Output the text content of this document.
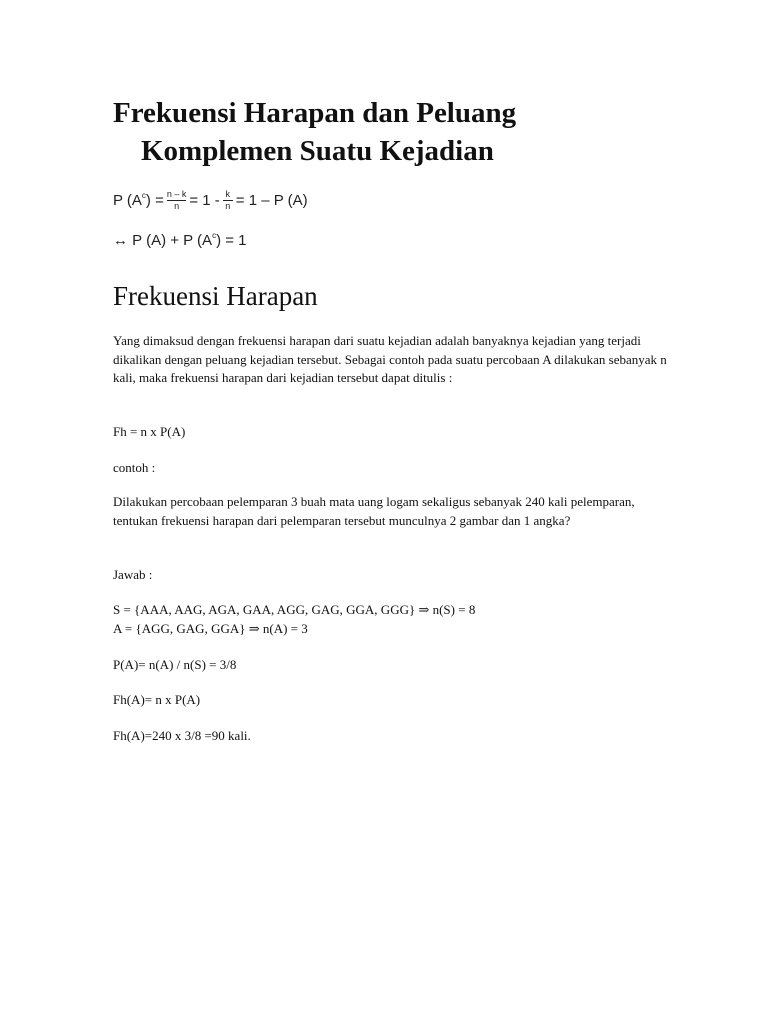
Frekuensi Harapan dan Peluang
Komplemen Suatu Kejadian
P (A c ) = $\frac{n - k}{n} = 1 - \frac{k}{n} = 1 - P$ (A)
↔ P (A) + P (A c ) = 1
Frekuensi Harapan

Yang dimaksud dengan frekuensi harapan dari suatu kejadian adalah banyaknya kejadian yang terjadi dikalikan dengan peluang kejadian tersebut. Sebagai contoh pada suatu percobaan A dilakukan sebanyak n kali, maka frekuensi harapan dari kejadian tersebut dapat ditulis :

Fh = n x P(A)

contoh :

Dilakukan percobaan pelemparan 3 buah mata uang logam sekaligus sebanyak 240 kali pelemparan, tentukan frekuensi harapan dari pelemparan tersebut munculnya 2 gambar dan 1 angka?

Jawab :

S = {AAA, AAG, AGA, GAA, AGG, GAG, GGA, GGG} ⇒ n(S) = 8
A = {AGG, GAG, GGA} ⇒ n(A) = 3

P(A)= n(A) / n(S) = 3/8

Fh(A)= n x P(A)

Fh(A)=240 x 3/8 =90 kali.
